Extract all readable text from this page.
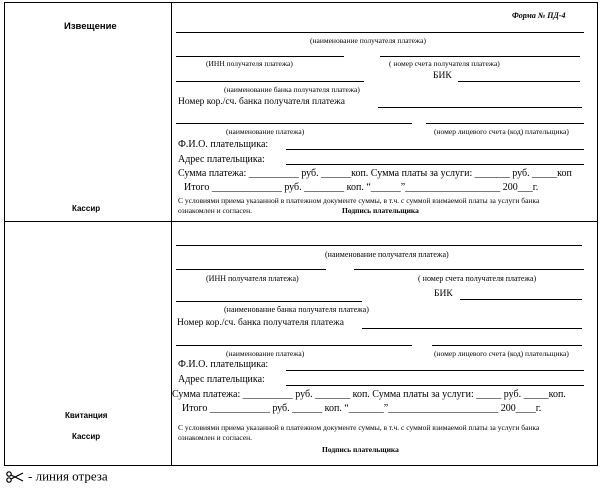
Извещение
Кассир
Форма № ПД-4
(наименование получателя платежа)
(ИНН получателя платежа)	( номер счета получателя платежа)
БИК
(наименование банка получателя платежа)
Номер кор./сч. банка получателя платежа
(наименование платежа)	(номер лицевого счета (код) плательщика)
Ф.И.О. плательщика:
Адрес плательщика:
Сумма платежа: __________ руб. ______коп. Сумма платы за услуги: _______ руб. _____коп
Итого ______________ руб. ________ коп. “______”___________________ 200___г.
С условиями приема указанной в платежном документе суммы, в т.ч. с суммой взимаемой платы за услуги банка
ознакомлен и согласен.	Подпись плательщика
Квитанция
Кассир
(наименование получателя платежа)
(ИНН получателя платежа)	( номер счета получателя платежа)
БИК
(наименование банка получателя платежа)
Номер кор./сч. банка получателя платежа
(наименование платежа)	(номер лицевого счета (код) плательщика)
Ф.И.О. плательщика:
Адрес плательщика:
Сумма платежа: __________ руб. _______ коп. Сумма платы за услуги: _____ руб. _____коп.
Итого ____________ руб. ______ коп. “_______”______________________ 200____г.
С условиями приема указанной в платежном документе суммы, в т.ч. с суммой взимаемой платы за услуги банка
ознакомлен и согласен.
Подпись плательщика
- линия отреза
